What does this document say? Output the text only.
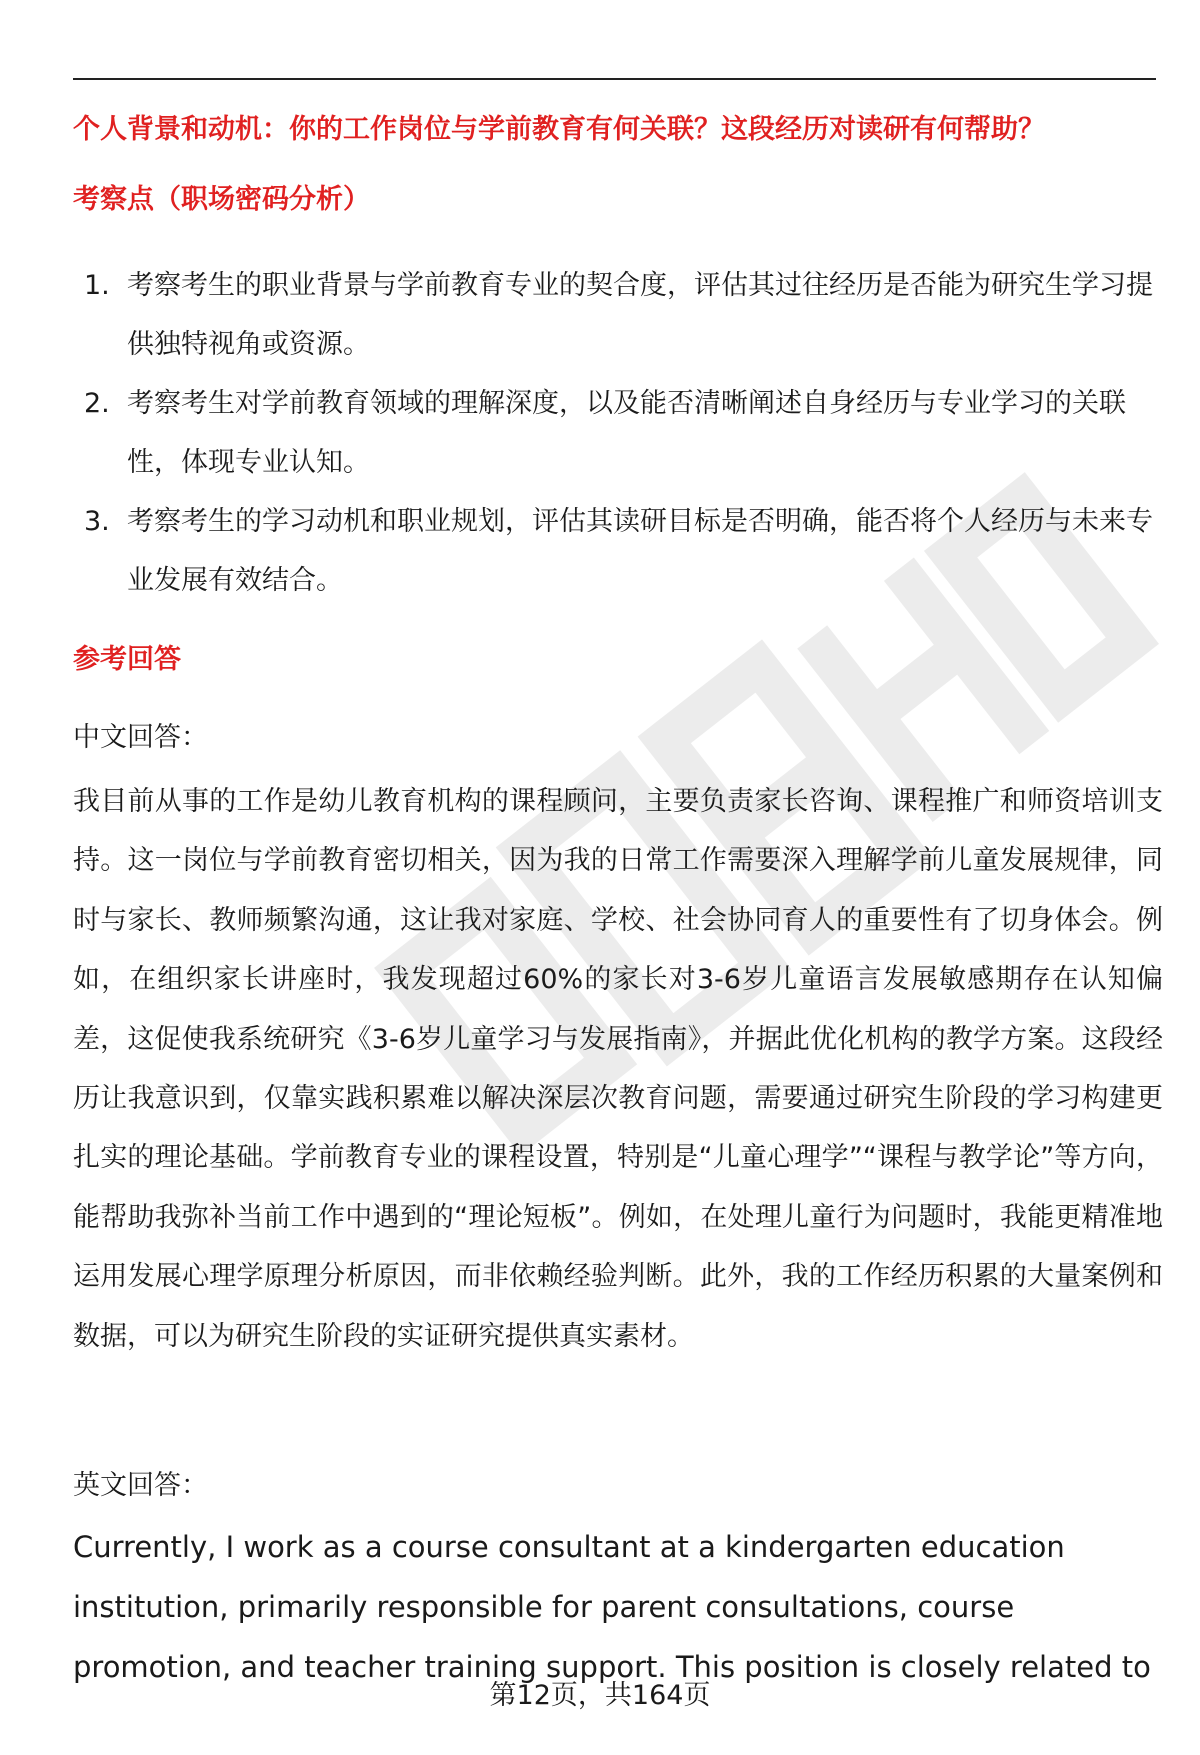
个人背景和动机：你的工作岗位与学前教育有何关联？这段经历对读研有何帮助？
考察点（职场密码分析）
1. 考察考生的职业背景与学前教育专业的契合度，评估其过往经历是否能为研究生学习提供独特视角或资源。
2. 考察考生对学前教育领域的理解深度，以及能否清晰阐述自身经历与专业学习的关联性，体现专业认知。
3. 考察考生的学习动机和职业规划，评估其读研目标是否明确，能否将个人经历与未来专业发展有效结合。
参考回答
中文回答：
我目前从事的工作是幼儿教育机构的课程顾问，主要负责家长咨询、课程推广和师资培训支持。这一岗位与学前教育密切相关，因为我的日常工作需要深入理解学前儿童发展规律，同时与家长、教师频繁沟通，这让我对家庭、学校、社会协同育人的重要性有了切身体会。例如，在组织家长讲座时，我发现超过60%的家长对3-6岁儿童语言发展敏感期存在认知偏差，这促使我系统研究《3-6岁儿童学习与发展指南》，并据此优化机构的教学方案。这段经历让我意识到，仅靠实践积累难以解决深层次教育问题，需要通过研究生阶段的学习构建更扎实的理论基础。学前教育专业的课程设置，特别是“儿童心理学”“课程与教学论”等方向，能帮助我弥补当前工作中遇到的“理论短板”。例如，在处理儿童行为问题时，我能更精准地运用发展心理学原理分析原因，而非依赖经验判断。此外，我的工作经历积累的大量案例和数据，可以为研究生阶段的实证研究提供真实素材。
英文回答：
Currently, I work as a course consultant at a kindergarten education institution, primarily responsible for parent consultations, course promotion, and teacher training support. This position is closely related to
第12页，共164页
